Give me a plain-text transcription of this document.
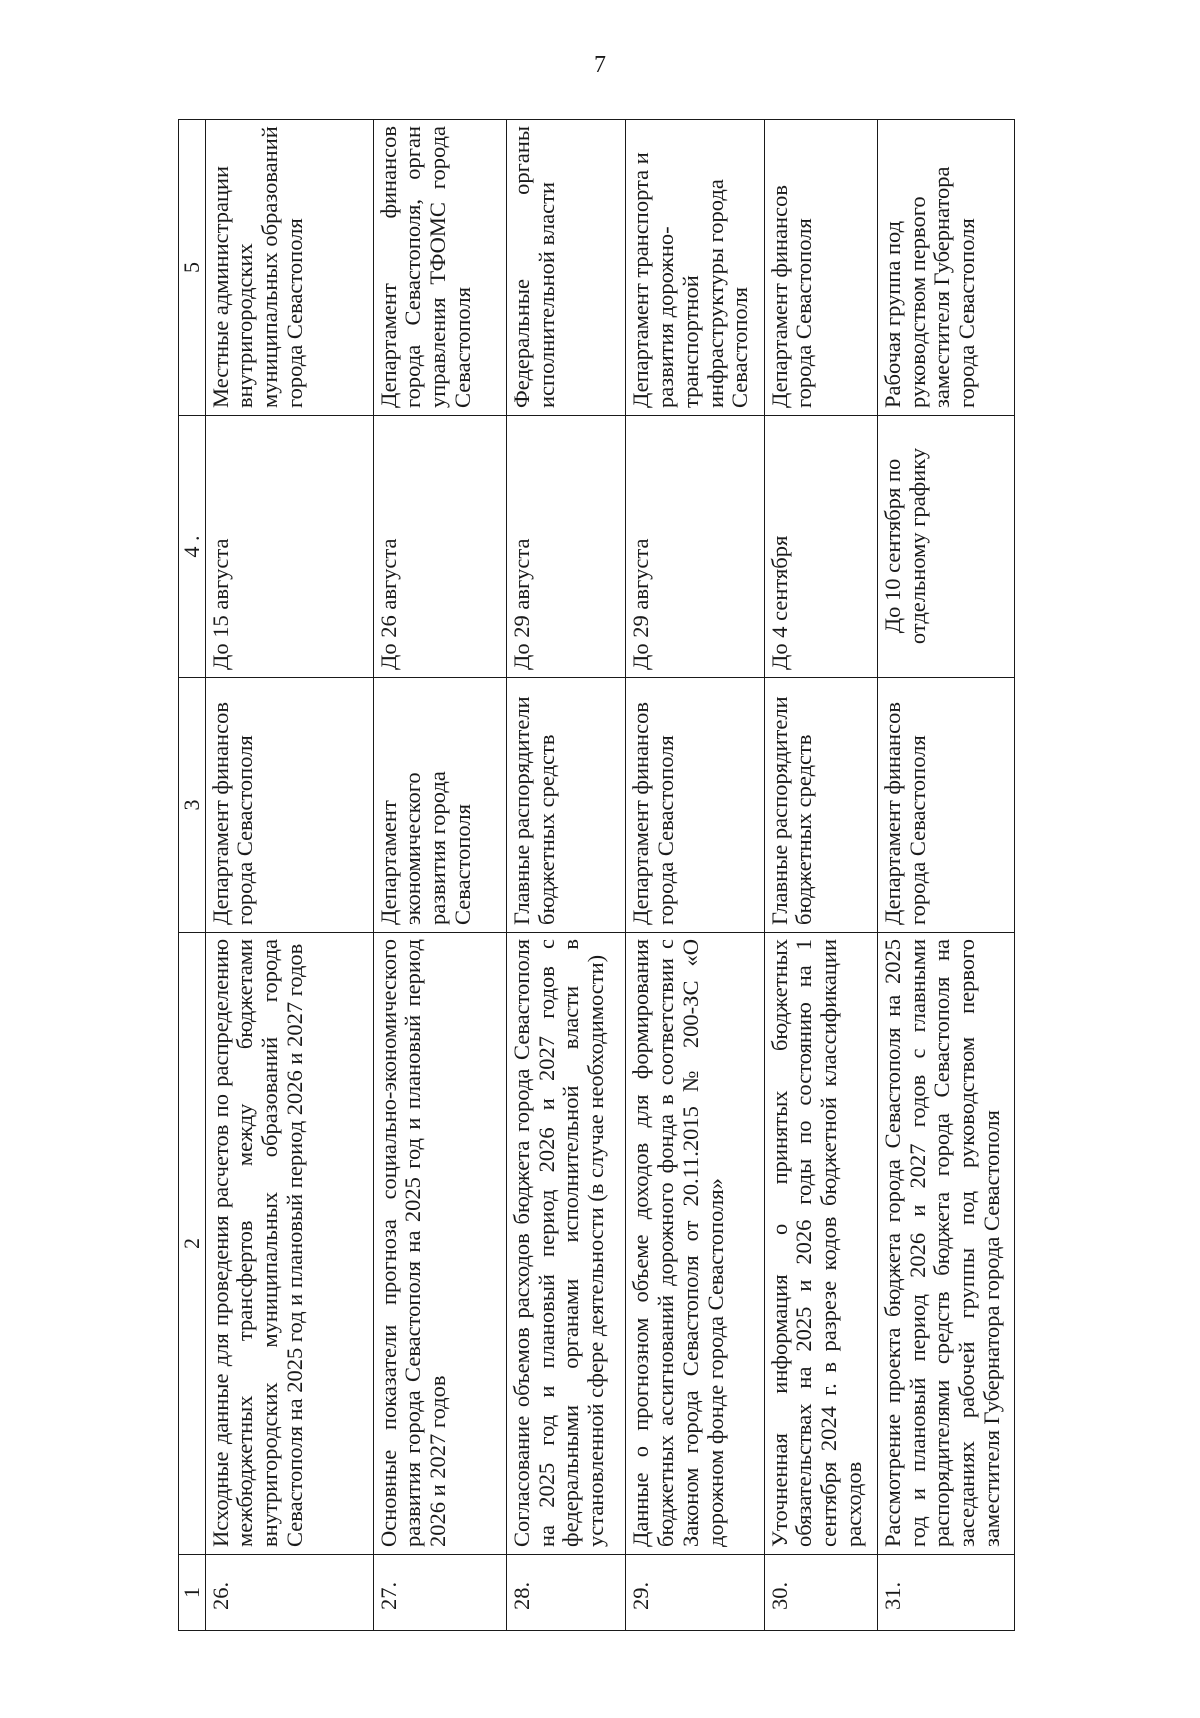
7
1	2	3	4 .	5
26.	Исходные данные для проведения расчетов по распределению межбюджетных трансфертов между бюджетами внутригородских муниципальных образований города Севастополя на 2025 год и плановый период 2026 и 2027 годов	Департамент финансов города Севастополя	До 15 августа	Местные администрации внутригородских муниципальных образований города Севастополя
27.	Основные показатели прогноза социально-экономического развития города Севастополя на 2025 год и плановый период 2026 и 2027 годов	Департамент экономического развития города Севастополя	До 26 августа	Департамент финансов города Севастополя, орган управления ТФОМС города Севастополя
28.	Согласование объемов расходов бюджета города Севастополя на 2025 год и плановый период 2026 и 2027 годов с федеральными органами исполнительной власти в установленной сфере деятельности (в случае необходимости)	Главные распорядители бюджетных средств	До 29 августа	Федеральные органы исполнительной власти
29.	Данные о прогнозном объеме доходов для формирования бюджетных ассигнований дорожного фонда в соответствии с Законом города Севастополя от 20.11.2015 № 200-ЗС «О дорожном фонде города Севастополя»	Департамент финансов города Севастополя	До 29 августа	Департамент транспорта и развития дорожно-транспортной инфраструктуры города Севастополя
30.	Уточненная информация о принятых бюджетных обязательствах на 2025 и 2026 годы по состоянию на 1 сентября 2024 г. в разрезе кодов бюджетной классификации расходов	Главные распорядители бюджетных средств	До 4 сентября	Департамент финансов города Севастополя
31.	Рассмотрение проекта бюджета города Севастополя на 2025 год и плановый период 2026 и 2027 годов с главными распорядителями средств бюджета города Севастополя на заседаниях рабочей группы под руководством первого заместителя Губернатора города Севастополя	Департамент финансов города Севастополя	До 10 сентября по отдельному графику	Рабочая группа под руководством первого заместителя Губернатора города Севастополя
